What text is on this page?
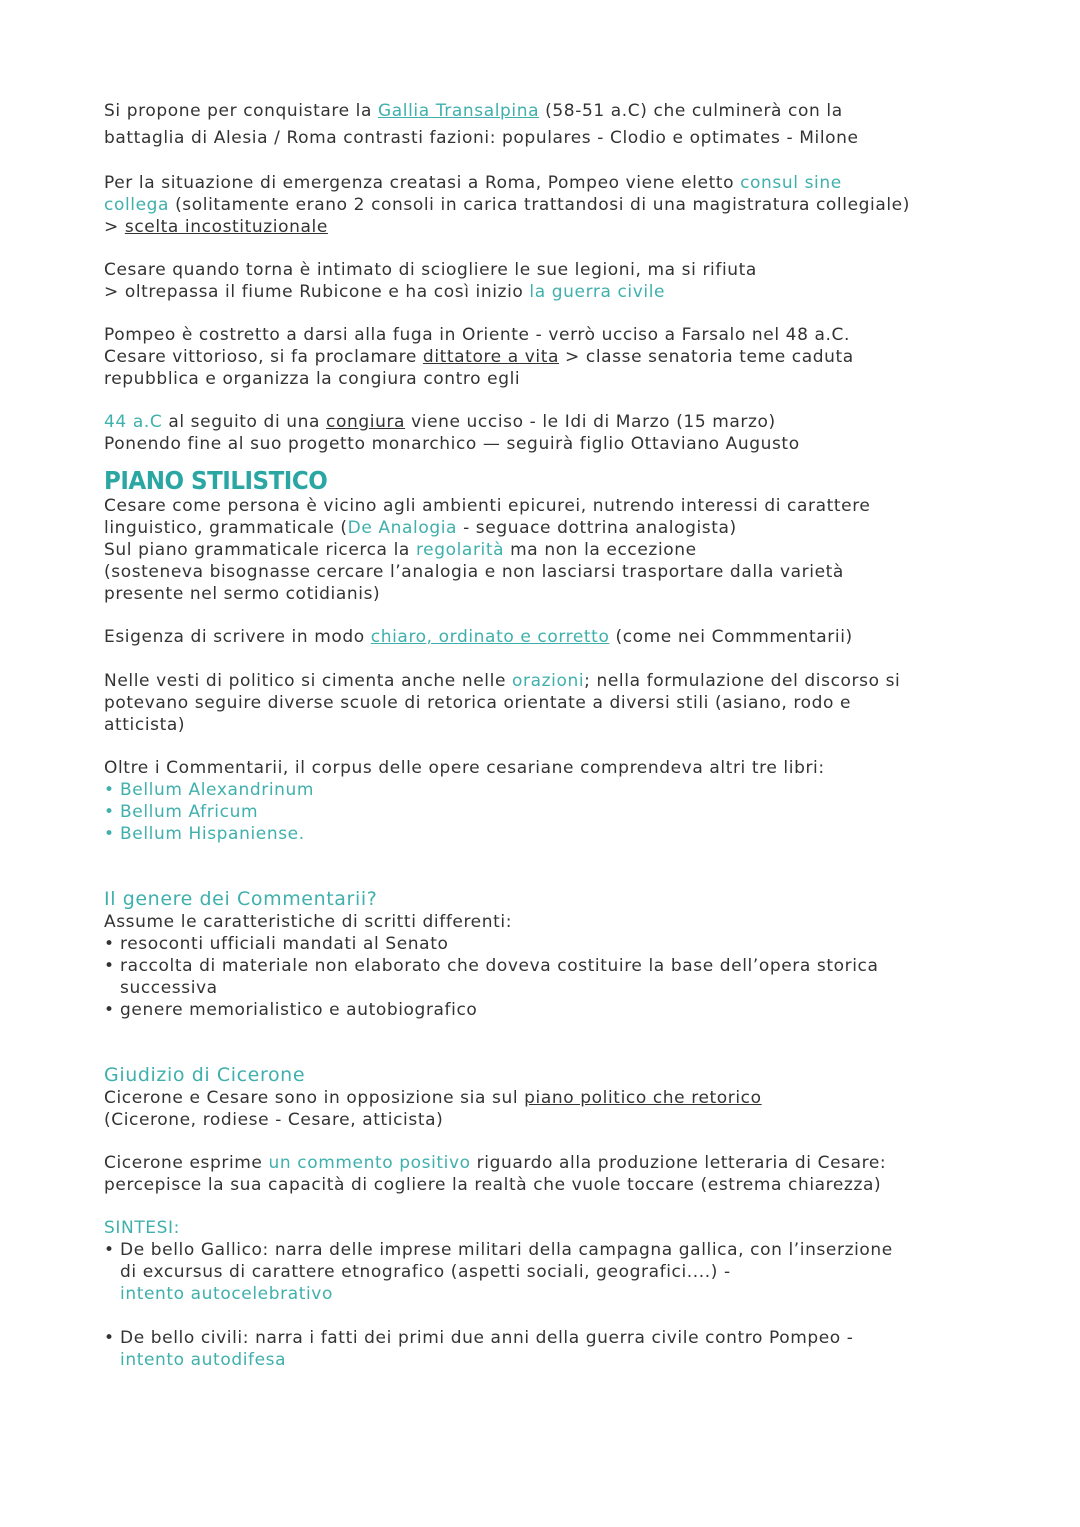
Si propone per conquistare la Gallia Transalpina (58-51 a.C) che culminerà con la
battaglia di Alesia / Roma contrasti fazioni: populares - Clodio e optimates - Milone

Per la situazione di emergenza creatasi a Roma, Pompeo viene eletto consul sine
collega (solitamente erano 2 consoli in carica trattandosi di una magistratura collegiale)
> scelta incostituzionale

Cesare quando torna è intimato di sciogliere le sue legioni, ma si rifiuta
> oltrepassa il fiume Rubicone e ha così inizio la guerra civile

Pompeo è costretto a darsi alla fuga in Oriente - verrò ucciso a Farsalo nel 48 a.C.
Cesare vittorioso, si fa proclamare dittatore a vita > classe senatoria teme caduta
repubblica e organizza la congiura contro egli

44 a.C al seguito di una congiura viene ucciso - le Idi di Marzo (15 marzo)
Ponendo fine al suo progetto monarchico — seguirà figlio Ottaviano Augusto

PIANO STILISTICO

Cesare come persona è vicino agli ambienti epicurei, nutrendo interessi di carattere
linguistico, grammaticale (De Analogia - seguace dottrina analogista)
Sul piano grammaticale ricerca la regolarità ma non la eccezione
(sosteneva bisognasse cercare l’analogia e non lasciarsi trasportare dalla varietà
presente nel sermo cotidianis)

Esigenza di scrivere in modo chiaro, ordinato e corretto (come nei Commmentarii)

Nelle vesti di politico si cimenta anche nelle orazioni; nella formulazione del discorso si
potevano seguire diverse scuole di retorica orientate a diversi stili (asiano, rodo e
atticista)

Oltre i Commentarii, il corpus delle opere cesariane comprendeva altri tre libri:

• Bellum Alexandrinum
• Bellum Africum
• Bellum Hispaniense.
Il genere dei Commentarii?

Assume le caratteristiche di scritti differenti:

• resoconti ufficiali mandati al Senato
• raccolta di materiale non elaborato che doveva costituire la base dell’opera storica
successiva
• genere memorialistico e autobiografico
Giudizio di Cicerone

Cicerone e Cesare sono in opposizione sia sul piano politico che retorico
(Cicerone, rodiese - Cesare, atticista)

Cicerone esprime un commento positivo riguardo alla produzione letteraria di Cesare:
percepisce la sua capacità di cogliere la realtà che vuole toccare (estrema chiarezza)

SINTESI:
• De bello Gallico: narra delle imprese militari della campagna gallica, con l’inserzione
di excursus di carattere etnografico (aspetti sociali, geografici....) -
intento autocelebrativo
• De bello civili: narra i fatti dei primi due anni della guerra civile contro Pompeo -
intento autodifesa
